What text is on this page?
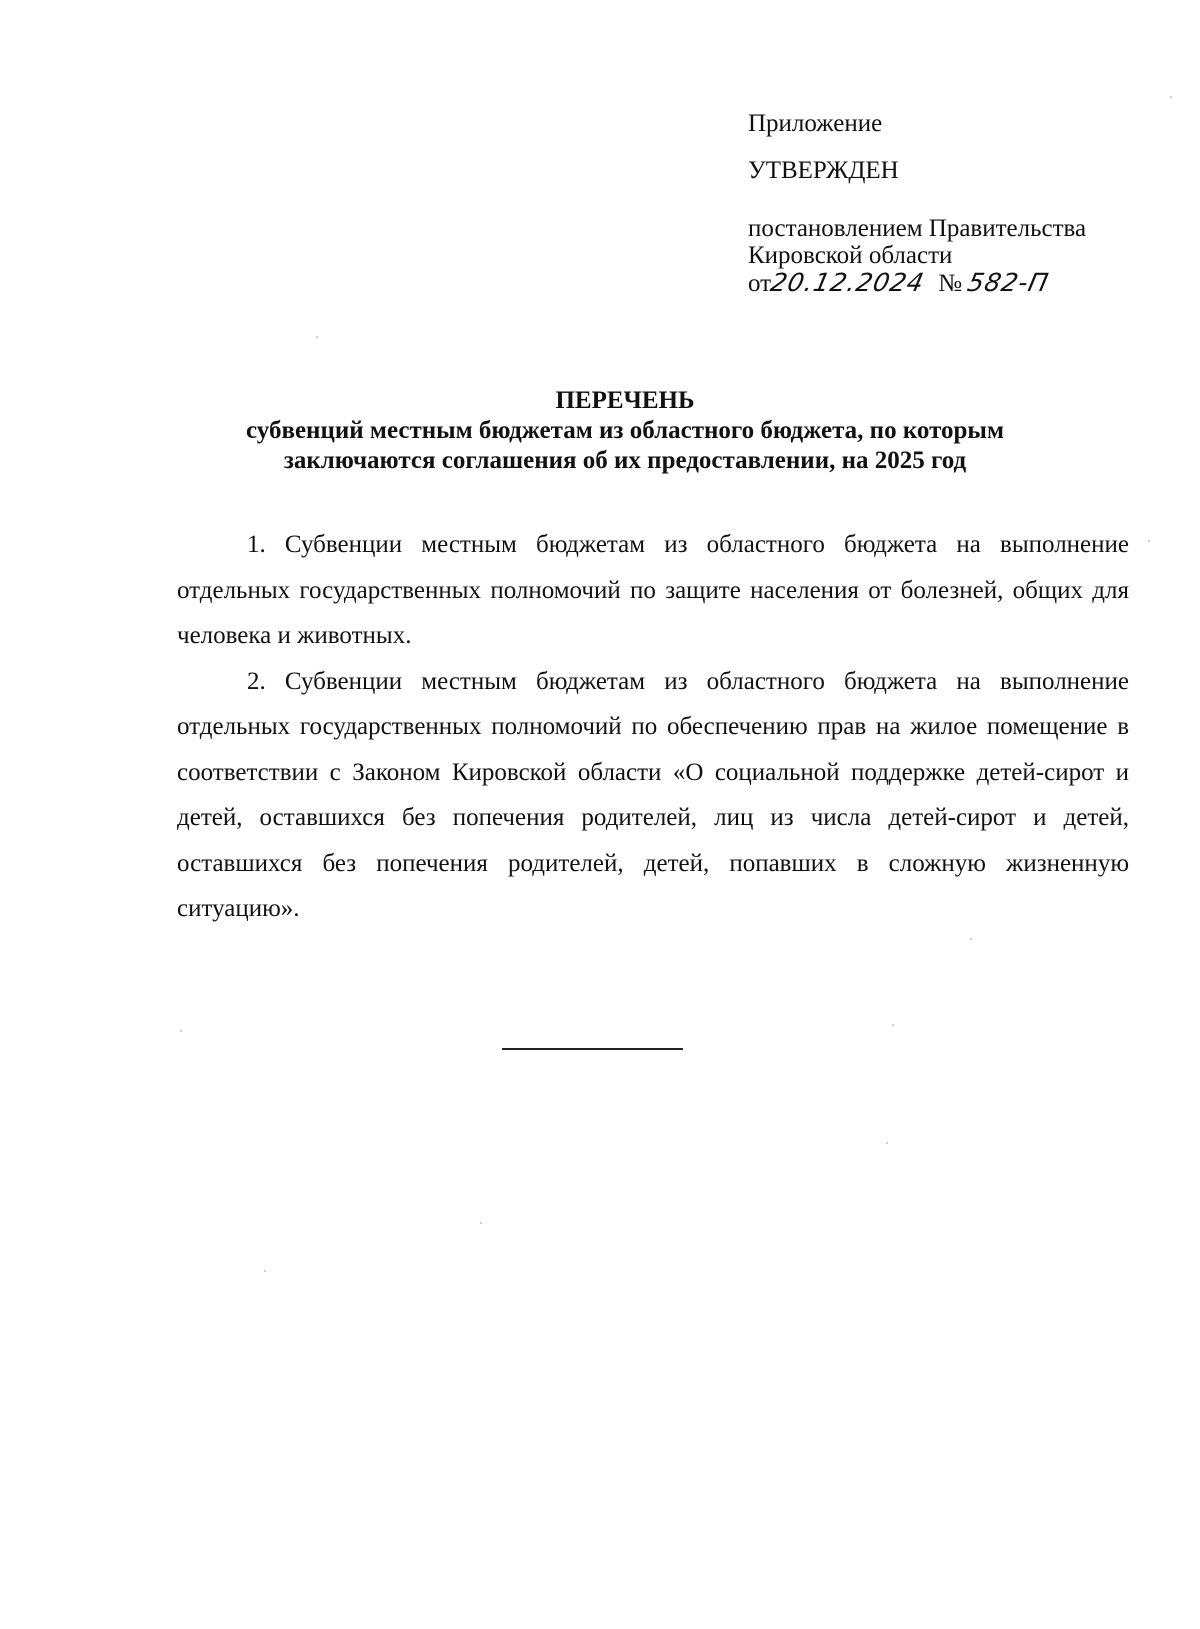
Приложение
УТВЕРЖДЕН
постановлением Правительства
Кировской области
от20.12.2024 № 582-П
ПЕРЕЧЕНЬ
субвенций местным бюджетам из областного бюджета, по которым
заключаются соглашения об их предоставлении, на 2025 год

1. Субвенции местным бюджетам из областного бюджета на выполнение отдельных государственных полномочий по защите населения от болезней, общих для человека и животных.

2. Субвенции местным бюджетам из областного бюджета на выполнение отдельных государственных полномочий по обеспечению прав на жилое помещение в соответствии с Законом Кировской области «О социальной поддержке детей-сирот и детей, оставшихся без попечения родителей, лиц из числа детей-сирот и детей, оставшихся без попечения родителей, детей, попавших в сложную жизненную ситуацию».
